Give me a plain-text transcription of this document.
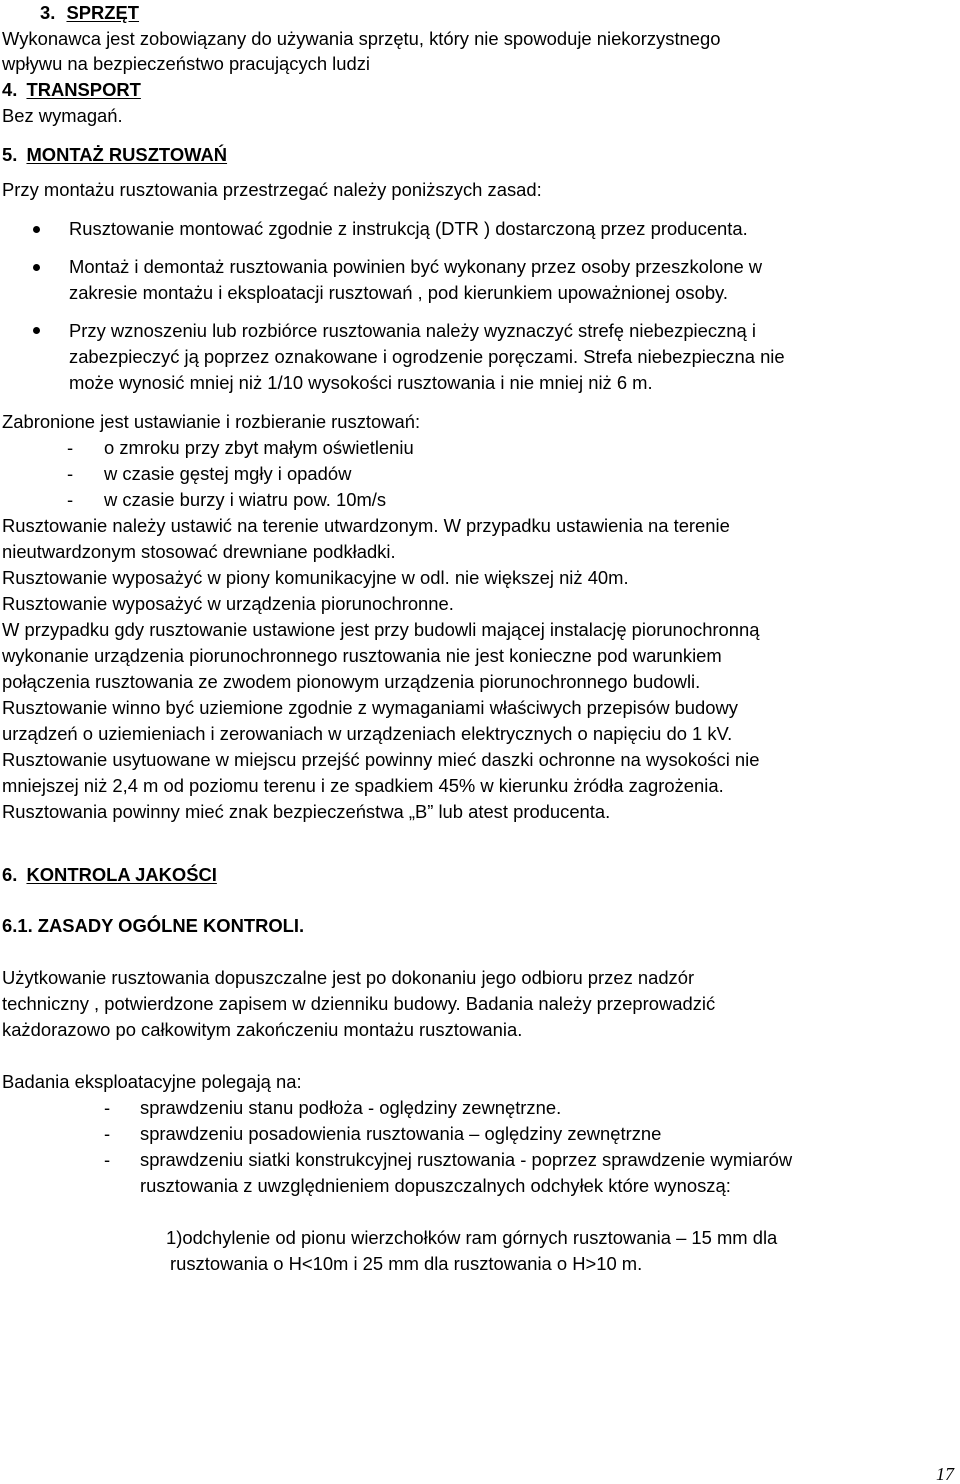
3. SPRZĘT
Wykonawca jest zobowiązany do używania sprzętu, który nie spowoduje niekorzystnego
wpływu na bezpieczeństwo pracujących ludzi
4. TRANSPORT
Bez wymagań.
5. MONTAŻ RUSZTOWAŃ
Przy montażu rusztowania przestrzegać należy poniższych zasad:
Rusztowanie montować zgodnie z instrukcją (DTR ) dostarczoną przez producenta.
Montaż i demontaż rusztowania powinien być wykonany przez osoby przeszkolone w
zakresie montażu i eksploatacji rusztowań , pod kierunkiem upoważnionej osoby.
Przy wznoszeniu lub rozbiórce rusztowania należy wyznaczyć strefę niebezpieczną i
zabezpieczyć ją poprzez oznakowane i ogrodzenie poręczami. Strefa niebezpieczna nie
może wynosić mniej niż 1/10 wysokości rusztowania i nie mniej niż 6 m.
Zabronione jest ustawianie i rozbieranie rusztowań:
- o zmroku przy zbyt małym oświetleniu
- w czasie gęstej mgły i opadów
- w czasie burzy i wiatru pow. 10m/s
Rusztowanie należy ustawić na terenie utwardzonym. W przypadku ustawienia na terenie
nieutwardzonym stosować drewniane podkładki.
Rusztowanie wyposażyć w piony komunikacyjne w odl. nie większej niż 40m.
Rusztowanie wyposażyć w urządzenia piorunochronne.
W przypadku gdy rusztowanie ustawione jest przy budowli mającej instalację piorunochronną
wykonanie urządzenia piorunochronnego rusztowania nie jest konieczne pod warunkiem
połączenia rusztowania ze zwodem pionowym urządzenia piorunochronnego budowli.
Rusztowanie winno być uziemione zgodnie z wymaganiami właściwych przepisów budowy
urządzeń o uziemieniach i zerowaniach w urządzeniach elektrycznych o napięciu do 1 kV.
Rusztowanie usytuowane w miejscu przejść powinny mieć daszki ochronne na wysokości nie
mniejszej niż 2,4 m od poziomu terenu i ze spadkiem 45% w kierunku żródła zagrożenia.
Rusztowania powinny mieć znak bezpieczeństwa „B” lub atest producenta.
6. KONTROLA JAKOŚCI
6.1. ZASADY OGÓLNE KONTROLI.
Użytkowanie rusztowania dopuszczalne jest po dokonaniu jego odbioru przez nadzór
techniczny , potwierdzone zapisem w dzienniku budowy. Badania należy przeprowadzić
każdorazowo po całkowitym zakończeniu montażu rusztowania.
Badania eksploatacyjne polegają na:
- sprawdzeniu stanu podłoża - oględziny zewnętrzne.
- sprawdzeniu posadowienia rusztowania – oględziny zewnętrzne
- sprawdzeniu siatki konstrukcyjnej rusztowania - poprzez sprawdzenie wymiarów
rusztowania z uwzględnieniem dopuszczalnych odchyłek które wynoszą:
1)odchylenie od pionu wierzchołków ram górnych rusztowania – 15 mm dla
rusztowania o H<10m i 25 mm dla rusztowania o H>10 m.
17
